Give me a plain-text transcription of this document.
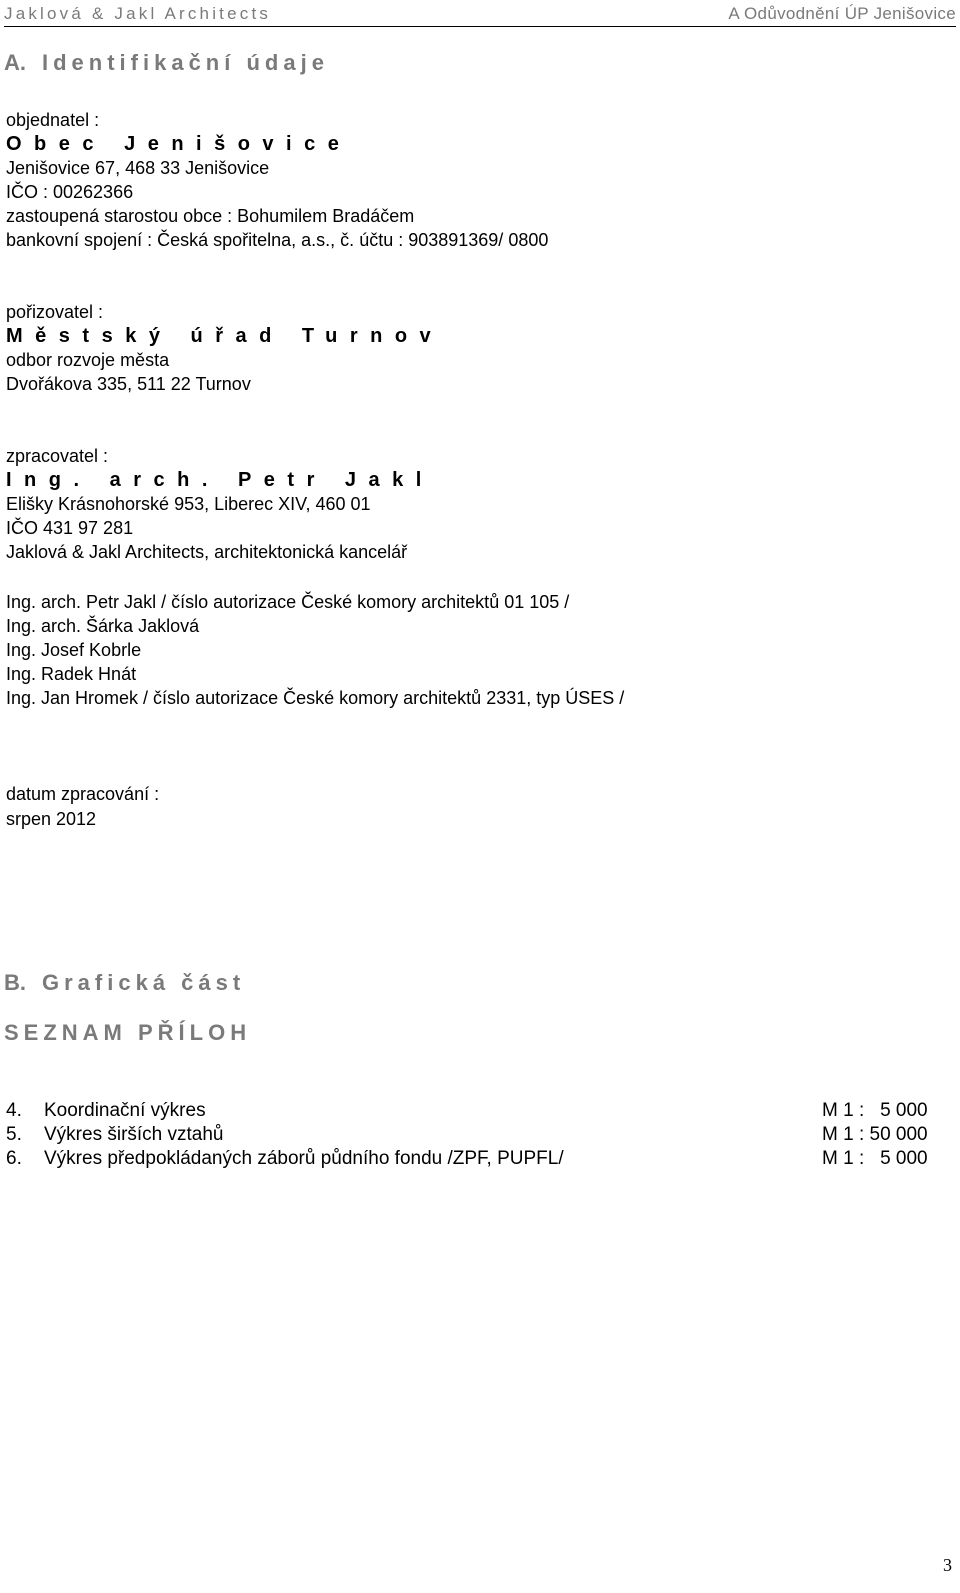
Jaklová & Jakl Architects	A Odůvodnění ÚP Jenišovice
A. Identifikační údaje
objednatel :
Obec Jenišovice
Jenišovice 67, 468 33 Jenišovice
IČO : 00262366
zastoupená starostou obce : Bohumilem Bradáčem
bankovní spojení : Česká spořitelna, a.s., č. účtu : 903891369/ 0800
pořizovatel :
Městský úřad Turnov
odbor rozvoje města
Dvořákova 335, 511 22 Turnov
zpracovatel :
Ing. arch. Petr Jakl
Elišky Krásnohorské 953, Liberec XIV, 460 01
IČO 431 97 281
Jaklová & Jakl Architects, architektonická kancelář
Ing. arch. Petr Jakl / číslo autorizace České komory architektů 01 105 /
Ing. arch. Šárka Jaklová
Ing. Josef Kobrle
Ing. Radek Hnát
Ing. Jan Hromek / číslo autorizace České komory architektů 2331, typ ÚSES /
datum zpracování :
srpen 2012
B. Grafická část
SEZNAM PŘÍLOH
4. Koordinační výkres	M 1 :   5 000
5. Výkres širších vztahů	M 1 : 50 000
6. Výkres předpokládaných záborů půdního fondu /ZPF, PUPFL/	M 1 :   5 000
3
